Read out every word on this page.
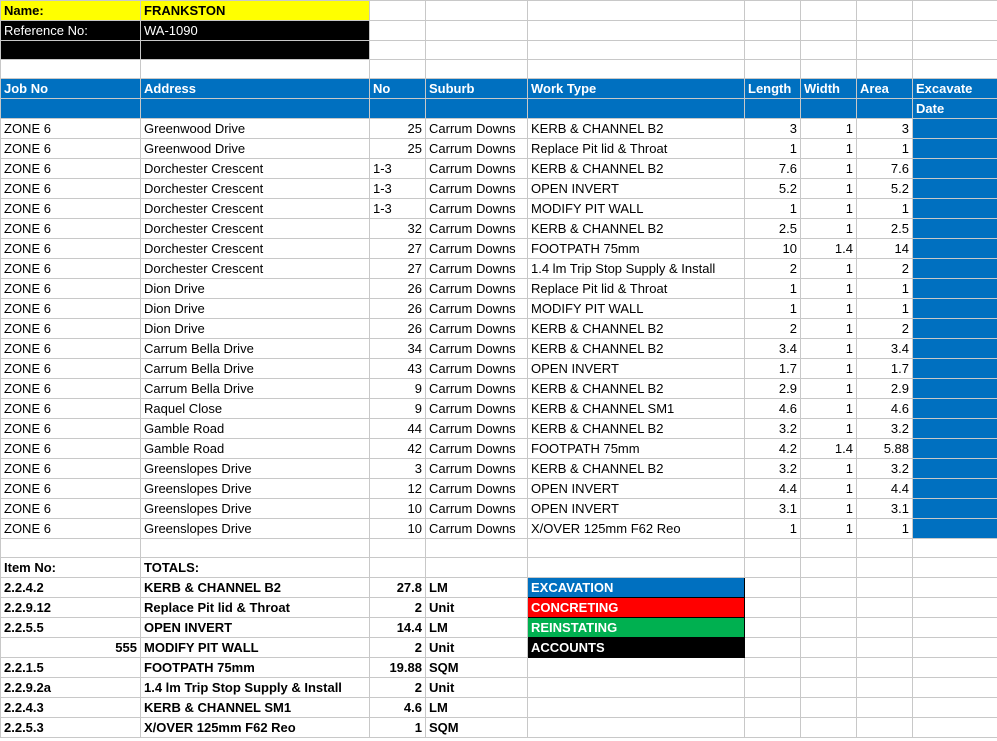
Name:	FRANKSTON							
Reference No:	WA-1090							

Job No	Address	No	Suburb	Work Type	Length	Width	Area	Excavate
								Date
ZONE 6	Greenwood Drive	25	Carrum Downs	KERB & CHANNEL B2	3	1	3	
ZONE 6	Greenwood Drive	25	Carrum Downs	Replace Pit lid & Throat	1	1	1	
ZONE 6	Dorchester Crescent	1-3	Carrum Downs	KERB & CHANNEL B2	7.6	1	7.6	
ZONE 6	Dorchester Crescent	1-3	Carrum Downs	OPEN INVERT	5.2	1	5.2	
ZONE 6	Dorchester Crescent	1-3	Carrum Downs	MODIFY PIT WALL	1	1	1	
ZONE 6	Dorchester Crescent	32	Carrum Downs	KERB & CHANNEL B2	2.5	1	2.5	
ZONE 6	Dorchester Crescent	27	Carrum Downs	FOOTPATH 75mm	10	1.4	14	
ZONE 6	Dorchester Crescent	27	Carrum Downs	1.4 lm Trip Stop Supply & Install	2	1	2	
ZONE 6	Dion Drive	26	Carrum Downs	Replace Pit lid & Throat	1	1	1	
ZONE 6	Dion Drive	26	Carrum Downs	MODIFY PIT WALL	1	1	1	
ZONE 6	Dion Drive	26	Carrum Downs	KERB & CHANNEL B2	2	1	2	
ZONE 6	Carrum Bella Drive	34	Carrum Downs	KERB & CHANNEL B2	3.4	1	3.4	
ZONE 6	Carrum Bella Drive	43	Carrum Downs	OPEN INVERT	1.7	1	1.7	
ZONE 6	Carrum Bella Drive	9	Carrum Downs	KERB & CHANNEL B2	2.9	1	2.9	
ZONE 6	Raquel Close	9	Carrum Downs	KERB & CHANNEL SM1	4.6	1	4.6	
ZONE 6	Gamble Road	44	Carrum Downs	KERB & CHANNEL B2	3.2	1	3.2	
ZONE 6	Gamble Road	42	Carrum Downs	FOOTPATH 75mm	4.2	1.4	5.88	
ZONE 6	Greenslopes Drive	3	Carrum Downs	KERB & CHANNEL B2	3.2	1	3.2	
ZONE 6	Greenslopes Drive	12	Carrum Downs	OPEN INVERT	4.4	1	4.4	
ZONE 6	Greenslopes Drive	10	Carrum Downs	OPEN INVERT	3.1	1	3.1	
ZONE 6	Greenslopes Drive	10	Carrum Downs	X/OVER 125mm F62 Reo	1	1	1	

Item No:	TOTALS:							
2.2.4.2	KERB & CHANNEL B2	27.8	LM	EXCAVATION				
2.2.9.12	Replace Pit lid & Throat	2	Unit	CONCRETING				
2.2.5.5	OPEN INVERT	14.4	LM	REINSTATING				
555	MODIFY PIT WALL	2	Unit	ACCOUNTS				
2.2.1.5	FOOTPATH 75mm	19.88	SQM					
2.2.9.2a	1.4 lm Trip Stop Supply & Install	2	Unit					
2.2.4.3	KERB & CHANNEL SM1	4.6	LM					
2.2.5.3	X/OVER 125mm F62 Reo	1	SQM					
